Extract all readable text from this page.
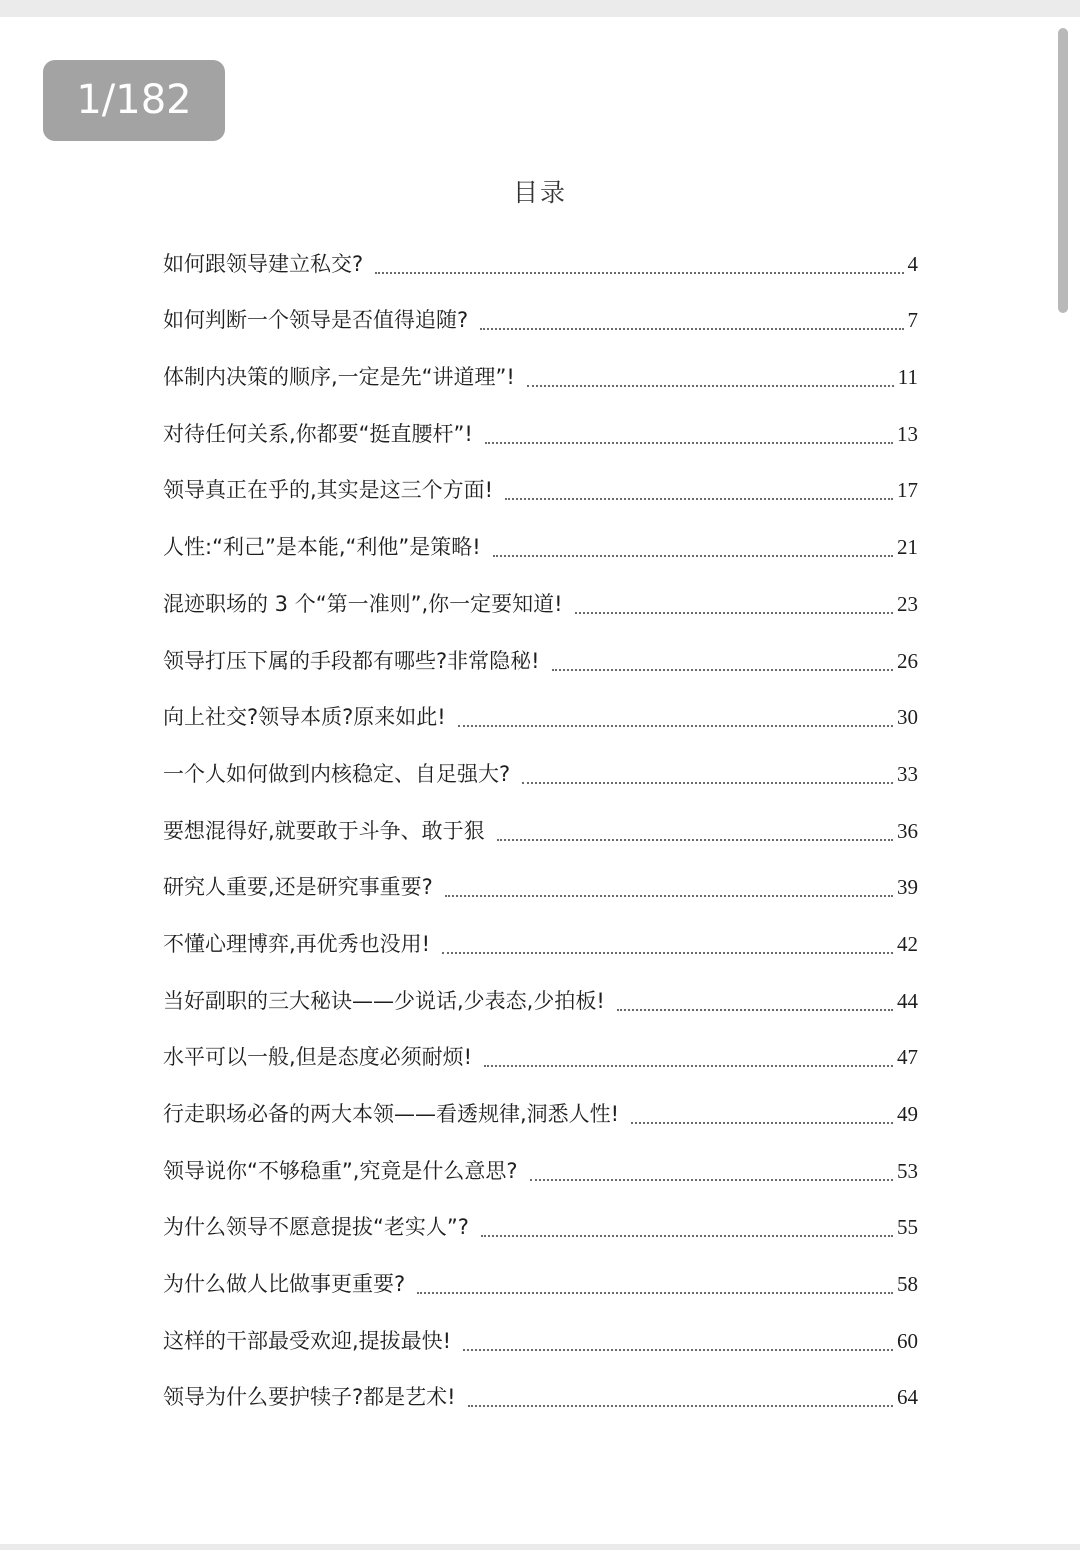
目录
如何跟领导建立私交?	4
如何判断一个领导是否值得追随?	7
体制内决策的顺序,一定是先“讲道理”!	11
对待任何关系,你都要“挺直腰杆”!	13
领导真正在乎的,其实是这三个方面!	17
人性:“利己”是本能,“利他”是策略!	21
混迹职场的 3 个“第一准则”,你一定要知道!	23
领导打压下属的手段都有哪些?非常隐秘!	26
向上社交?领导本质?原来如此!	30
一个人如何做到内核稳定、自足强大?	33
要想混得好,就要敢于斗争、敢于狠	36
研究人重要,还是研究事重要?	39
不懂心理博弈,再优秀也没用!	42
当好副职的三大秘诀——少说话,少表态,少拍板!	44
水平可以一般,但是态度必须耐烦!	47
行走职场必备的两大本领——看透规律,洞悉人性!	49
领导说你“不够稳重”,究竟是什么意思?	53
为什么领导不愿意提拔“老实人”?	55
为什么做人比做事更重要?	58
这样的干部最受欢迎,提拔最快!	60
领导为什么要护犊子?都是艺术!	64
1/182
